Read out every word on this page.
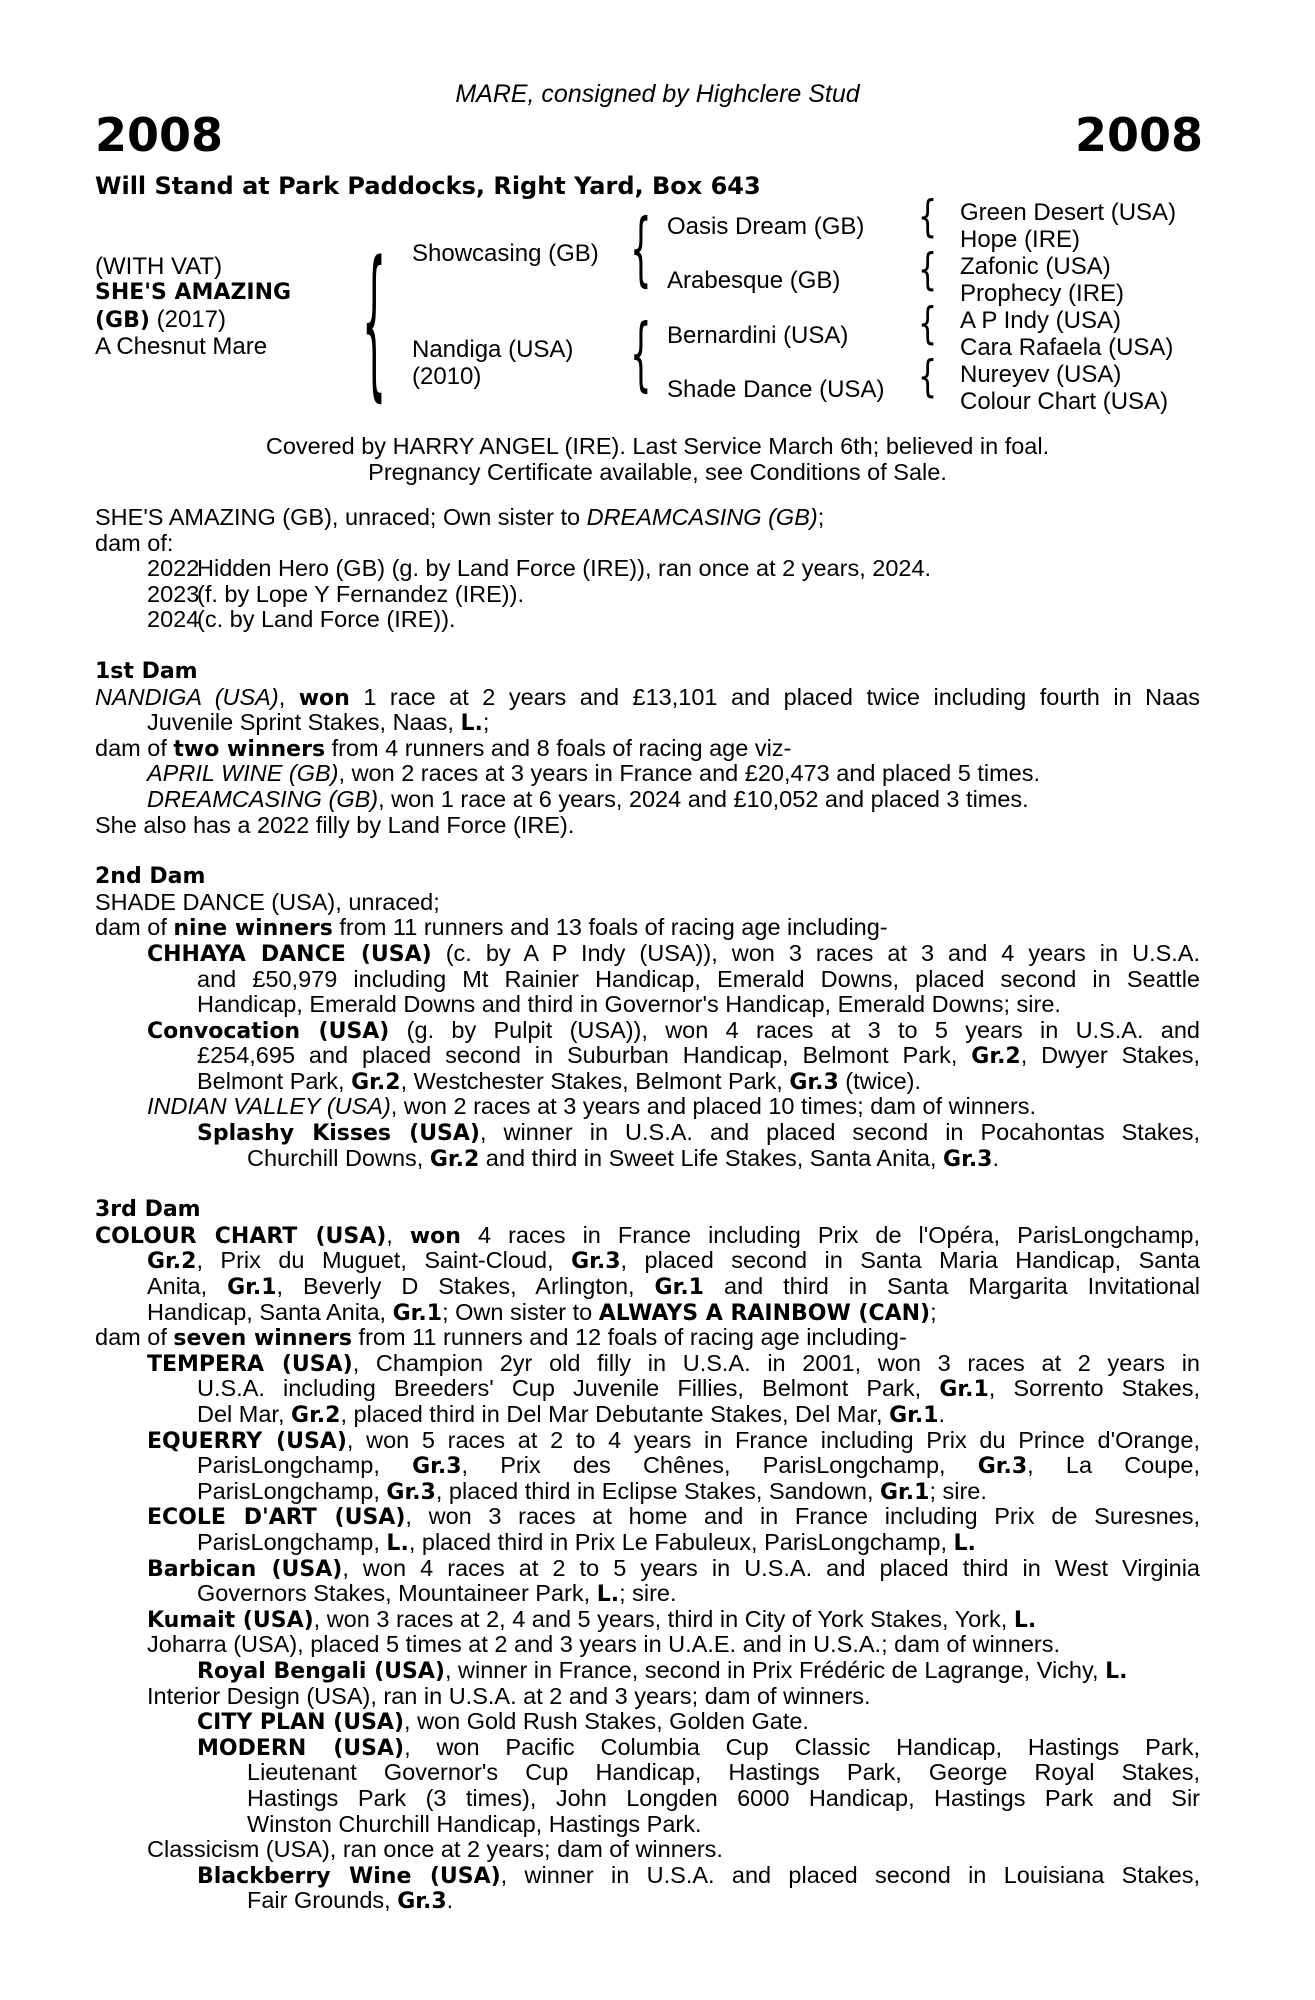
MARE, consigned by Highclere Stud
2008	2008
Will Stand at Park Paddocks, Right Yard, Box 643
(WITH VAT)
SHE'S AMAZING
(GB) (2017)
A Chesnut Mare {	{
{
{
{
{
{
Showcasing (GB)
Nandiga (USA)
(2010)
Oasis Dream (GB)
Arabesque (GB)
Bernardini (USA)
Shade Dance (USA)
Green Desert (USA)
Hope (IRE)
Zafonic (USA)
Prophecy (IRE)
A P Indy (USA)
Cara Rafaela (USA)
Nureyev (USA)
Colour Chart (USA)
Covered by HARRY ANGEL (IRE). Last Service March 6th; believed in foal.
Pregnancy Certificate available, see Conditions of Sale.
SHE'S AMAZING (GB), unraced; Own sister to DREAMCASING (GB);
dam of:
2022Hidden Hero (GB) (g. by Land Force (IRE)), ran once at 2 years, 2024.
2023(f. by Lope Y Fernandez (IRE)).
2024(c. by Land Force (IRE)).
1st Dam
NANDIGA (USA), won 1 race at 2 years and £13,101 and placed twice including fourth in Naas
Juvenile Sprint Stakes, Naas, L.;
dam of two winners from 4 runners and 8 foals of racing age viz-
APRIL WINE (GB), won 2 races at 3 years in France and £20,473 and placed 5 times.
DREAMCASING (GB), won 1 race at 6 years, 2024 and £10,052 and placed 3 times.
She also has a 2022 filly by Land Force (IRE).
2nd Dam
SHADE DANCE (USA), unraced;
dam of nine winners from 11 runners and 13 foals of racing age including-
CHHAYA DANCE (USA) (c. by A P Indy (USA)), won 3 races at 3 and 4 years in U.S.A.
and £50,979 including Mt Rainier Handicap, Emerald Downs, placed second in Seattle
Handicap, Emerald Downs and third in Governor's Handicap, Emerald Downs; sire.
Convocation (USA) (g. by Pulpit (USA)), won 4 races at 3 to 5 years in U.S.A. and
£254,695 and placed second in Suburban Handicap, Belmont Park, Gr.2, Dwyer Stakes,
Belmont Park, Gr.2, Westchester Stakes, Belmont Park, Gr.3 (twice).
INDIAN VALLEY (USA), won 2 races at 3 years and placed 10 times; dam of winners.
Splashy Kisses (USA), winner in U.S.A. and placed second in Pocahontas Stakes,
Churchill Downs, Gr.2 and third in Sweet Life Stakes, Santa Anita, Gr.3.
3rd Dam
COLOUR CHART (USA), won 4 races in France including Prix de l'Opéra, ParisLongchamp,
Gr.2, Prix du Muguet, Saint-Cloud, Gr.3, placed second in Santa Maria Handicap, Santa
Anita, Gr.1, Beverly D Stakes, Arlington, Gr.1 and third in Santa Margarita Invitational
Handicap, Santa Anita, Gr.1; Own sister to ALWAYS A RAINBOW (CAN);
dam of seven winners from 11 runners and 12 foals of racing age including-
TEMPERA (USA), Champion 2yr old filly in U.S.A. in 2001, won 3 races at 2 years in
U.S.A. including Breeders' Cup Juvenile Fillies, Belmont Park, Gr.1, Sorrento Stakes,
Del Mar, Gr.2, placed third in Del Mar Debutante Stakes, Del Mar, Gr.1.
EQUERRY (USA), won 5 races at 2 to 4 years in France including Prix du Prince d'Orange,
ParisLongchamp, Gr.3, Prix des Chênes, ParisLongchamp, Gr.3, La Coupe,
ParisLongchamp, Gr.3, placed third in Eclipse Stakes, Sandown, Gr.1; sire.
ECOLE D'ART (USA), won 3 races at home and in France including Prix de Suresnes,
ParisLongchamp, L., placed third in Prix Le Fabuleux, ParisLongchamp, L.
Barbican (USA), won 4 races at 2 to 5 years in U.S.A. and placed third in West Virginia
Governors Stakes, Mountaineer Park, L.; sire.
Kumait (USA), won 3 races at 2, 4 and 5 years, third in City of York Stakes, York, L.
Joharra (USA), placed 5 times at 2 and 3 years in U.A.E. and in U.S.A.; dam of winners.
Royal Bengali (USA), winner in France, second in Prix Frédéric de Lagrange, Vichy, L.
Interior Design (USA), ran in U.S.A. at 2 and 3 years; dam of winners.
CITY PLAN (USA), won Gold Rush Stakes, Golden Gate.
MODERN (USA), won Pacific Columbia Cup Classic Handicap, Hastings Park,
Lieutenant Governor's Cup Handicap, Hastings Park, George Royal Stakes,
Hastings Park (3 times), John Longden 6000 Handicap, Hastings Park and Sir
Winston Churchill Handicap, Hastings Park.
Classicism (USA), ran once at 2 years; dam of winners.
Blackberry Wine (USA), winner in U.S.A. and placed second in Louisiana Stakes,
Fair Grounds, Gr.3.
